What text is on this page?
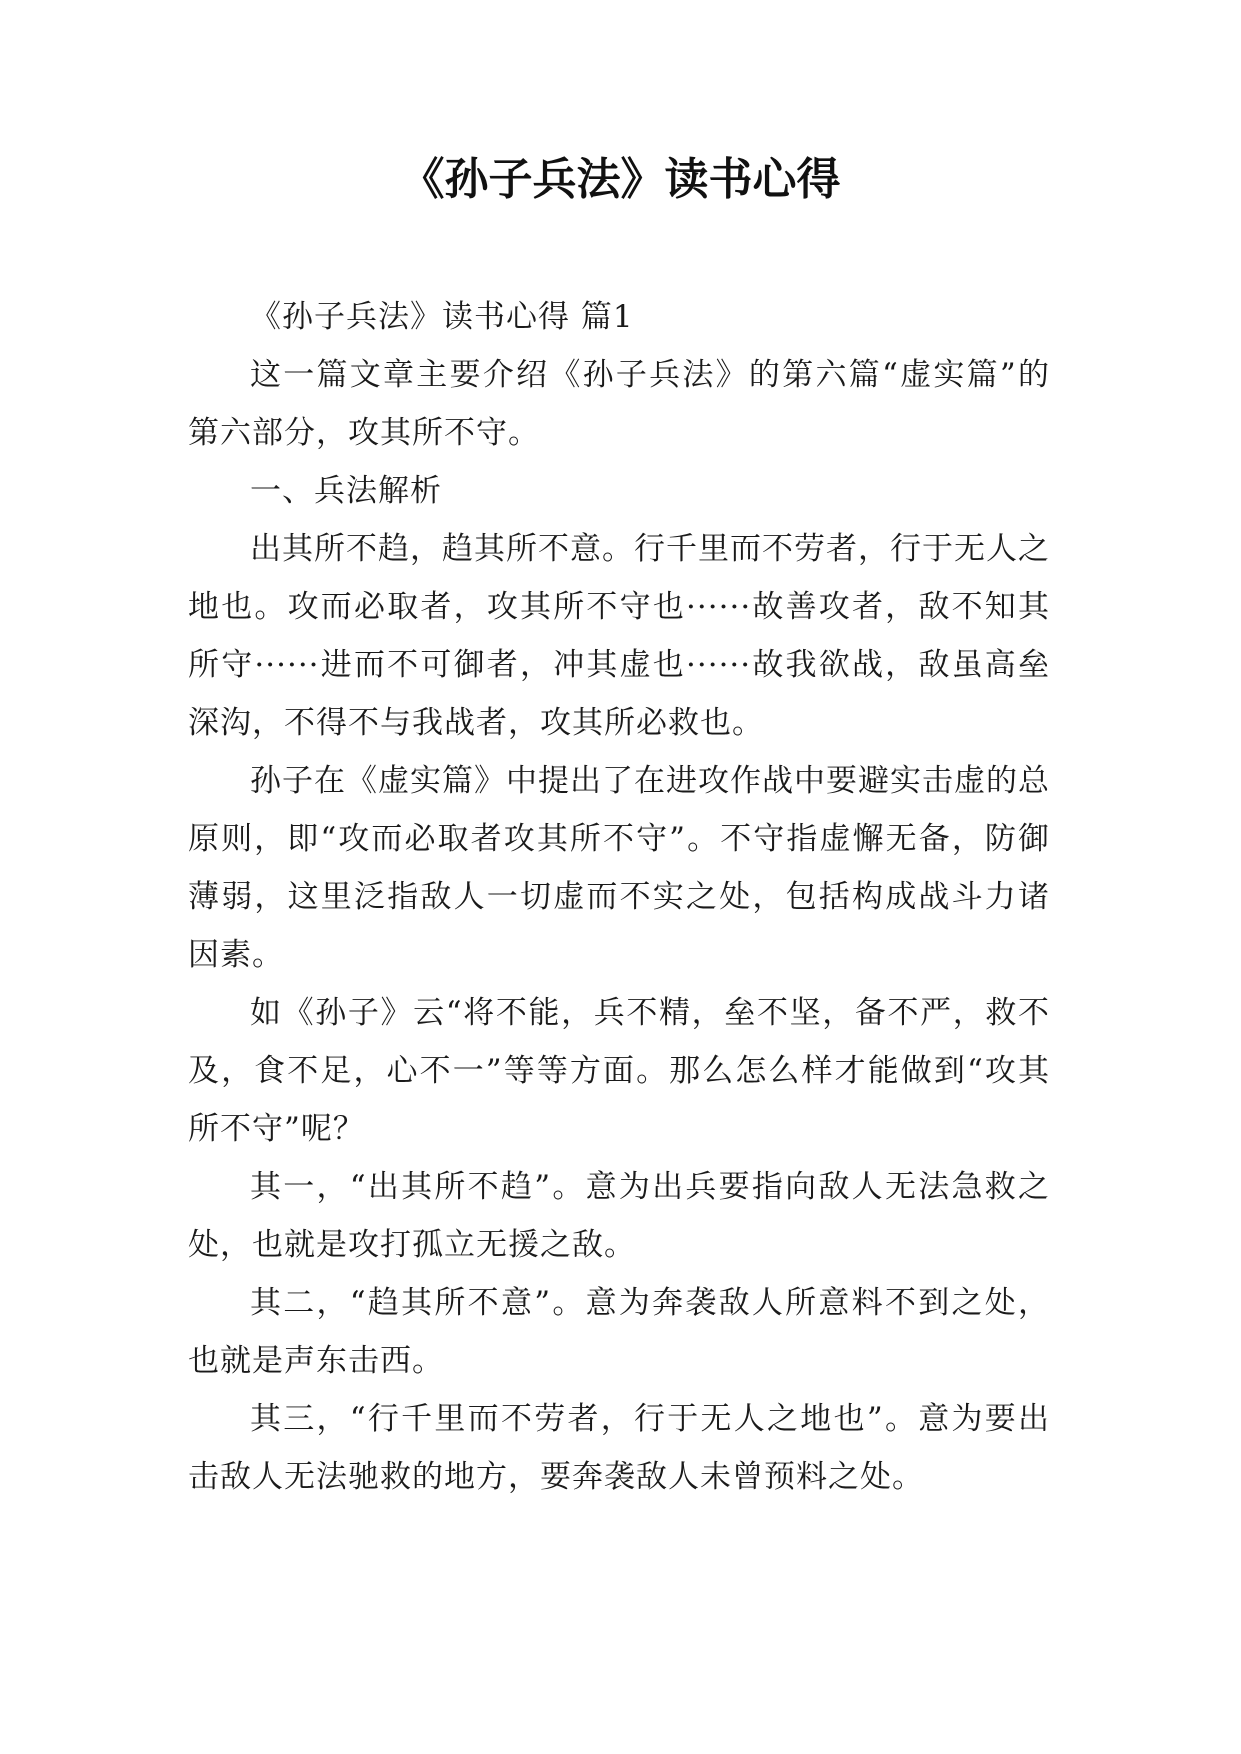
《孙子兵法》读书心得

《孙子兵法》读书心得 篇1

这一篇文章主要介绍《孙子兵法》的第六篇“虚实篇”的第六部分，攻其所不守。

一、兵法解析

出其所不趋，趋其所不意。行千里而不劳者，行于无人之地也。攻而必取者，攻其所不守也······故善攻者，敌不知其所守······进而不可御者，冲其虚也······故我欲战，敌虽高垒深沟，不得不与我战者，攻其所必救也。

孙子在《虚实篇》中提出了在进攻作战中要避实击虚的总原则，即“攻而必取者攻其所不守”。不守指虚懈无备，防御薄弱，这里泛指敌人一切虚而不实之处，包括构成战斗力诸因素。

如《孙子》云“将不能，兵不精，垒不坚，备不严，救不及，食不足，心不一”等等方面。那么怎么样才能做到“攻其所不守”呢？

其一，“出其所不趋”。意为出兵要指向敌人无法急救之处，也就是攻打孤立无援之敌。

其二，“趋其所不意”。意为奔袭敌人所意料不到之处，也就是声东击西。

其三，“行千里而不劳者，行于无人之地也”。意为要出击敌人无法驰救的地方，要奔袭敌人未曾预料之处。
